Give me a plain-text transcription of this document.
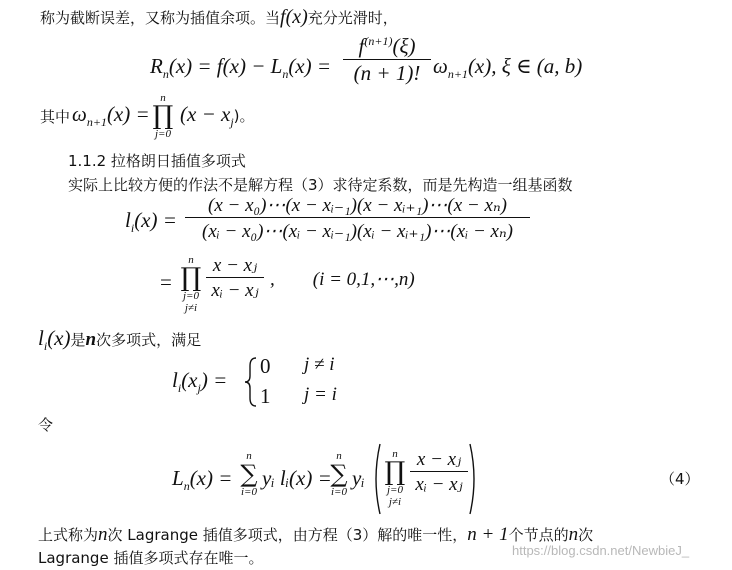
称为截断误差，又称为插值余项。当f(x)充分光滑时，
$R_n(x) = f(x) - L_n(x)$ =
$f^{(n+1)}(\xi)$
(n + 1)! $\omega_{n+1}(x)$, ξ ∈ (a, b)
其中 $\omega_{n+1}(x)$ =
n
∏
j=0
$(x - x_j)$。
1.1.2 拉格朗日插值多项式
实际上比较方便的作法不是解方程（3）求待定系数，而是先构造一组基函数
$l_i(x) = \frac{\text{(x − x₀)⋯(x − xᵢ₋₁)(x − xᵢ₊₁)⋯(x − xₙ)}}{\text{(xᵢ − x₀)⋯(xᵢ − xᵢ₋₁)(xᵢ − xᵢ₊₁)⋯(xᵢ − xₙ)}}$
=
n
∏
j=0
j≠i
$\frac{\text{x − xⱼ}}{\text{xᵢ − xⱼ}}$ ,        (i = 0,1,⋯,n)
$l_i(x)$是n次多项式，满足
$l_i(x_j)$ =
0 j ≠ i
1 j = i
令
$L_n(x)$ =
n
∑
i=0
yᵢ lᵢ(x) =
n
∑
i=0
yᵢ
n
∏
j=0
j≠i
$\frac{\text{x − xⱼ}}{\text{xᵢ − xⱼ}}$	（4）
上式称为n次 Lagrange 插值多项式，由方程（3）解的唯一性，n + 1个节点的n次
Lagrange 插值多项式存在唯一。	https://blog.csdn.net/NewbieJ_
